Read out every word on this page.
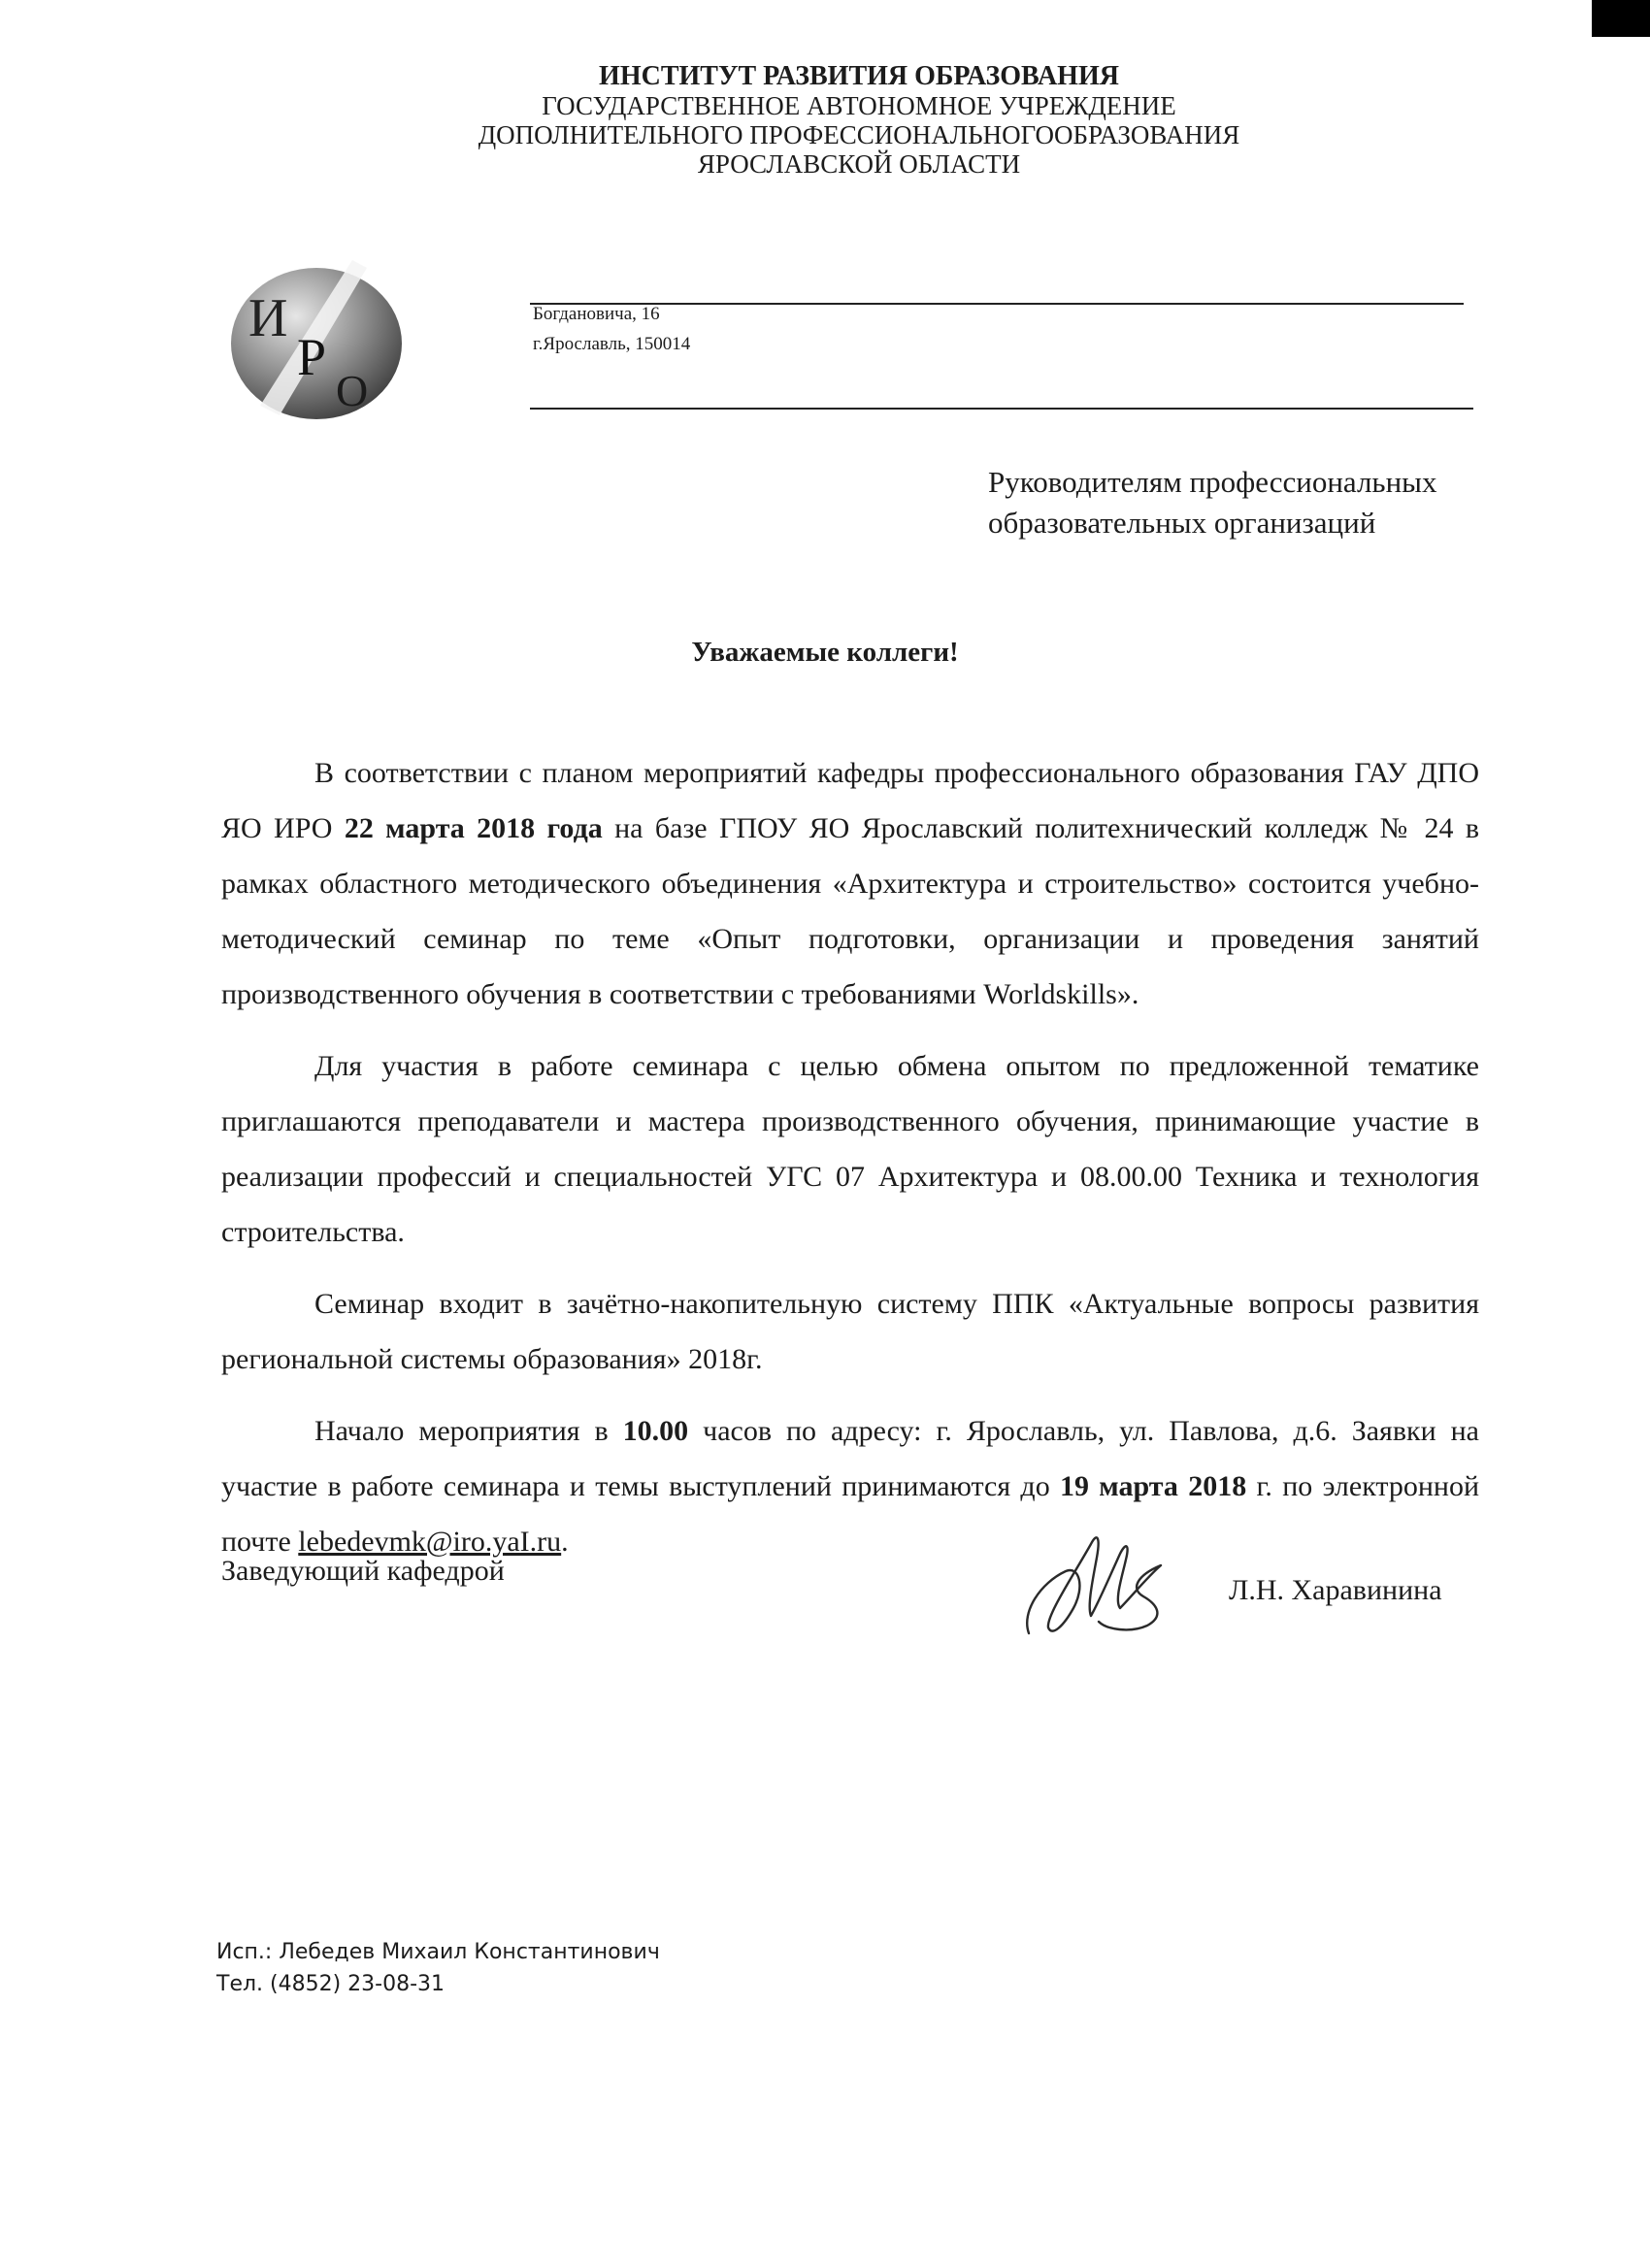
ИНСТИТУТ РАЗВИТИЯ ОБРАЗОВАНИЯ
ГОСУДАРСТВЕННОЕ АВТОНОМНОЕ УЧРЕЖДЕНИЕ
ДОПОЛНИТЕЛЬНОГО ПРОФЕССИОНАЛЬНОГООБРАЗОВАНИЯ
ЯРОСЛАВСКОЙ ОБЛАСТИ
И
Р
О
Богдановича, 16
г.Ярославль, 150014
Руководителям профессиональных
образовательных организаций
Уважаемые коллеги!

В соответствии с планом мероприятий кафедры профессионального образования ГАУ ДПО ЯО ИРО 22 марта 2018 года на базе ГПОУ ЯО Ярославский политехнический колледж № 24 в рамках областного методического объединения «Архитектура и строительство» состоится учебно-методический семинар по теме «Опыт подготовки, организации и проведения занятий производственного обучения в соответствии с требованиями Worldskills».

Для участия в работе семинара с целью обмена опытом по предложенной тематике приглашаются преподаватели и мастера производственного обучения, принимающие участие в реализации профессий и специальностей УГС 07 Архитектура и 08.00.00 Техника и технология строительства.

Семинар входит в зачётно-накопительную систему ППК «Актуальные вопросы развития региональной системы образования» 2018г.

Начало мероприятия в 10.00 часов по адресу: г. Ярославль, ул. Павлова, д.6. Заявки на участие в работе семинара и темы выступлений принимаются до 19 марта 2018 г. по электронной почте lebedevmk@iro.yaI.ru.

Заведующий кафедрой
Л.Н. Харавинина
Исп.: Лебедев Михаил Константинович
Тел. (4852) 23-08-31
